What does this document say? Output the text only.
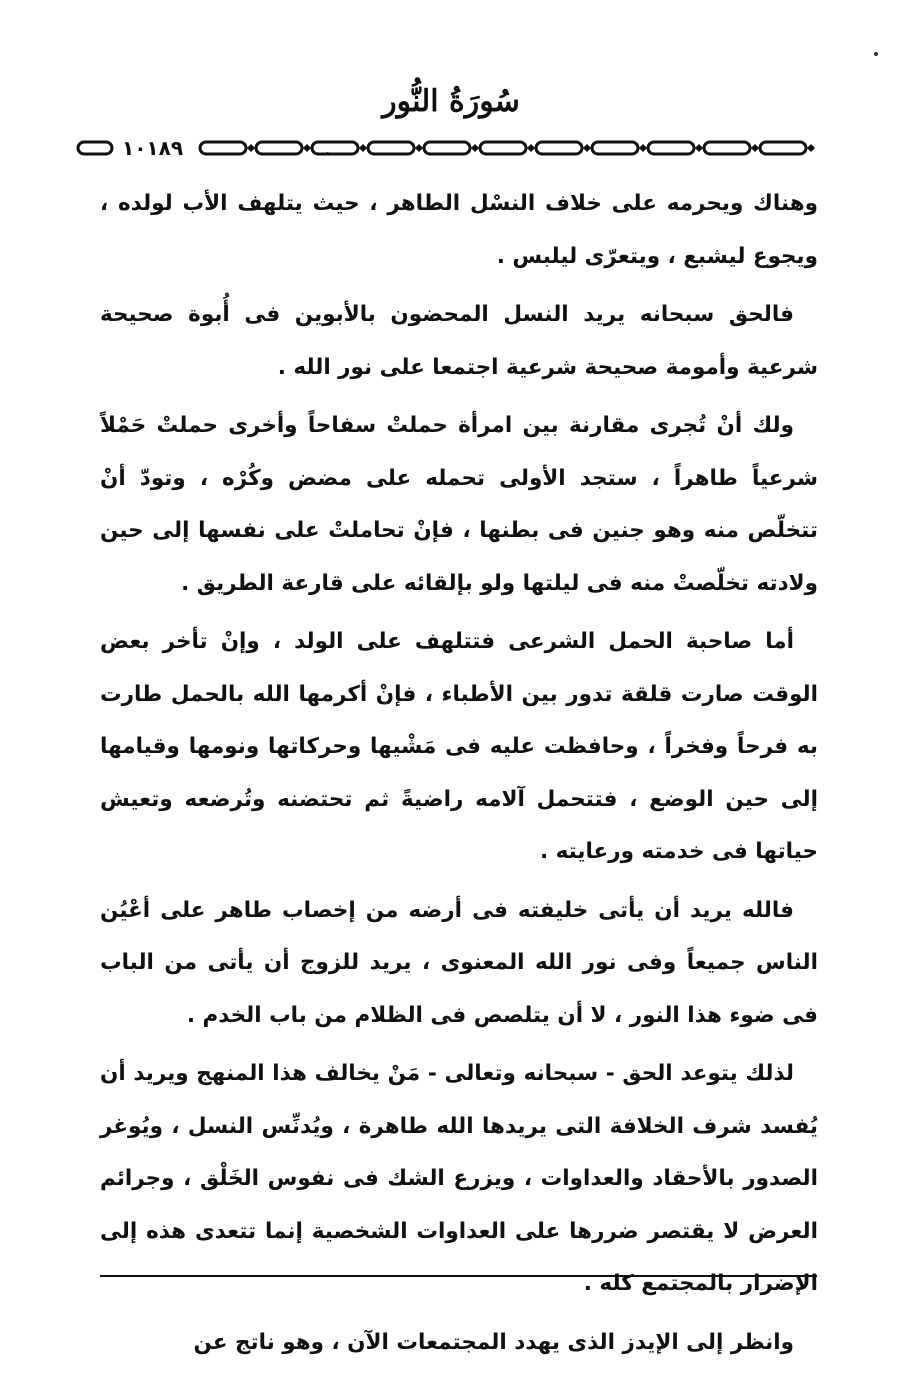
سُورَةُ النُّور
١٠١٨٩

وهناك ويحرمه على خلاف النسْل الطاهر ، حيث يتلهف الأب لولده ، ويجوع ليشبع ، ويتعرّى ليلبس .

فالحق سبحانه يريد النسل المحضون بالأبوين فى أُبوة صحيحة شرعية وأمومة صحيحة شرعية اجتمعا على نور الله .

ولك أنْ تُجرى مقارنة بين امرأة حملتْ سفاحاً وأخرى حملتْ حَمْلاً شرعياً طاهراً ، ستجد الأولى تحمله على مضض وكُرْه ، وتودّ أنْ تتخلّص منه وهو جنين فى بطنها ، فإنْ تحاملتْ على نفسها إلى حين ولادته تخلّصتْ منه فى ليلتها ولو بإلقائه على قارعة الطريق .

أما صاحبة الحمل الشرعى فتتلهف على الولد ، وإنْ تأخر بعض الوقت صارت قلقة تدور بين الأطباء ، فإنْ أكرمها الله بالحمل طارت به فرحاً وفخراً ، وحافظت عليه فى مَشْيها وحركاتها ونومها وقيامها إلى حين الوضع ، فتتحمل آلامه راضيةً ثم تحتضنه وتُرضعه وتعيش حياتها فى خدمته ورعايته .

فالله يريد أن يأتى خليفته فى أرضه من إخصاب طاهر على أعْيُن الناس جميعاً وفى نور الله المعنوى ، يريد للزوج أن يأتى من الباب فى ضوء هذا النور ، لا أن يتلصص فى الظلام من باب الخدم .

لذلك يتوعد الحق - سبحانه وتعالى - مَنْ يخالف هذا المنهج ويريد أن يُفسد شرف الخلافة التى يريدها الله طاهرة ، ويُدنِّس النسل ، ويُوغر الصدور بالأحقاد والعداوات ، ويزرع الشك فى نفوس الخَلْق ، وجرائم العرض لا يقتصر ضررها على العداوات الشخصية إنما تتعدى هذه إلى الإضرار بالمجتمع كله .

وانظر إلى الإيدز الذى يهدد المجتمعات الآن ، وهو ناتج عن
